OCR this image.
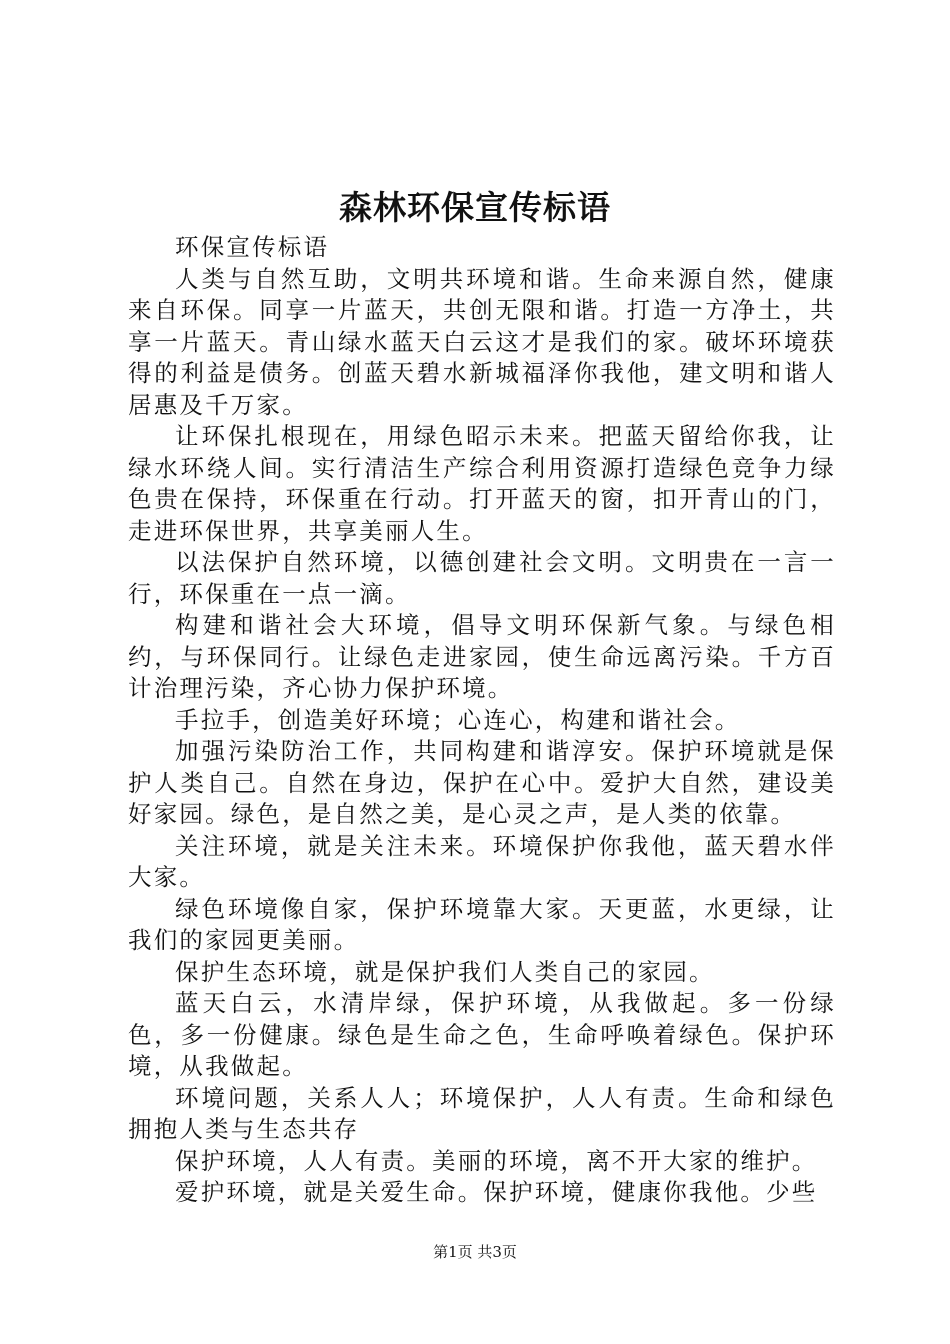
森林环保宣传标语

环保宣传标语

人类与自然互助，文明共环境和谐。生命来源自然，健康来自环保。同享一片蓝天，共创无限和谐。打造一方净土，共享一片蓝天。青山绿水蓝天白云这才是我们的家。破坏环境获得的利益是债务。创蓝天碧水新城福泽你我他，建文明和谐人居惠及千万家。

让环保扎根现在，用绿色昭示未来。把蓝天留给你我，让绿水环绕人间。实行清洁生产综合利用资源打造绿色竞争力绿色贵在保持，环保重在行动。打开蓝天的窗，扣开青山的门，走进环保世界，共享美丽人生。

以法保护自然环境，以德创建社会文明。文明贵在一言一行，环保重在一点一滴。

构建和谐社会大环境，倡导文明环保新气象。与绿色相约，与环保同行。让绿色走进家园，使生命远离污染。千方百计治理污染，齐心协力保护环境。

手拉手，创造美好环境；心连心，构建和谐社会。

加强污染防治工作，共同构建和谐淳安。保护环境就是保护人类自己。自然在身边，保护在心中。爱护大自然，建设美好家园。绿色，是自然之美，是心灵之声，是人类的依靠。

关注环境，就是关注未来。环境保护你我他，蓝天碧水伴大家。

绿色环境像自家，保护环境靠大家。天更蓝，水更绿，让我们的家园更美丽。

保护生态环境，就是保护我们人类自己的家园。

蓝天白云，水清岸绿，保护环境，从我做起。多一份绿色，多一份健康。绿色是生命之色，生命呼唤着绿色。保护环境，从我做起。

环境问题，关系人人；环境保护，人人有责。生命和绿色拥抱人类与生态共存

保护环境，人人有责。美丽的环境，离不开大家的维护。

爱护环境，就是关爱生命。保护环境，健康你我他。少些

第1页 共3页
